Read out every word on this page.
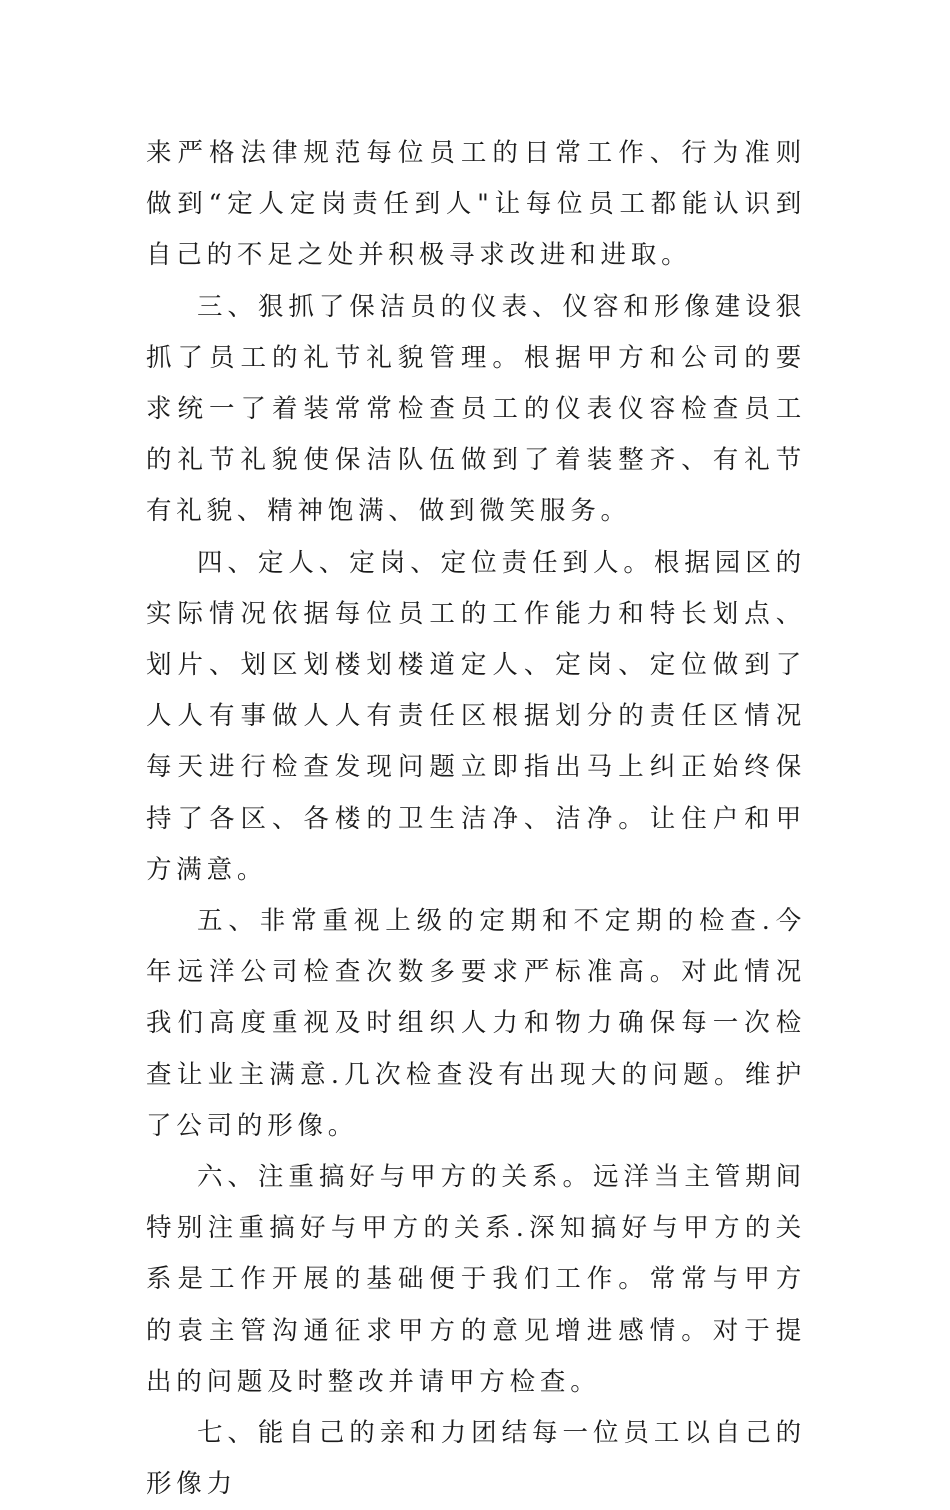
来严格法律规范每位员工的日常工作、行为准则做到“定人定岗责任到人"让每位员工都能认识到自己的不足之处并积极寻求改进和进取。

三、狠抓了保洁员的仪表、仪容和形像建设狠抓了员工的礼节礼貌管理。根据甲方和公司的要求统一了着装常常检查员工的仪表仪容检查员工的礼节礼貌使保洁队伍做到了着装整齐、有礼节有礼貌、精神饱满、做到微笑服务。

四、定人、定岗、定位责任到人。根据园区的实际情况依据每位员工的工作能力和特长划点、划片、划区划楼划楼道定人、定岗、定位做到了人人有事做人人有责任区根据划分的责任区情况每天进行检查发现问题立即指出马上纠正始终保持了各区、各楼的卫生洁净、洁净。让住户和甲方满意。

五、非常重视上级的定期和不定期的检查.今年远洋公司检查次数多要求严标准高。对此情况我们高度重视及时组织人力和物力确保每一次检查让业主满意.几次检查没有出现大的问题。维护了公司的形像。

六、注重搞好与甲方的关系。远洋当主管期间特别注重搞好与甲方的关系.深知搞好与甲方的关系是工作开展的基础便于我们工作。常常与甲方的袁主管沟通征求甲方的意见增进感情。对于提出的问题及时整改并请甲方检查。

七、能自己的亲和力团结每一位员工以自己的形像力
